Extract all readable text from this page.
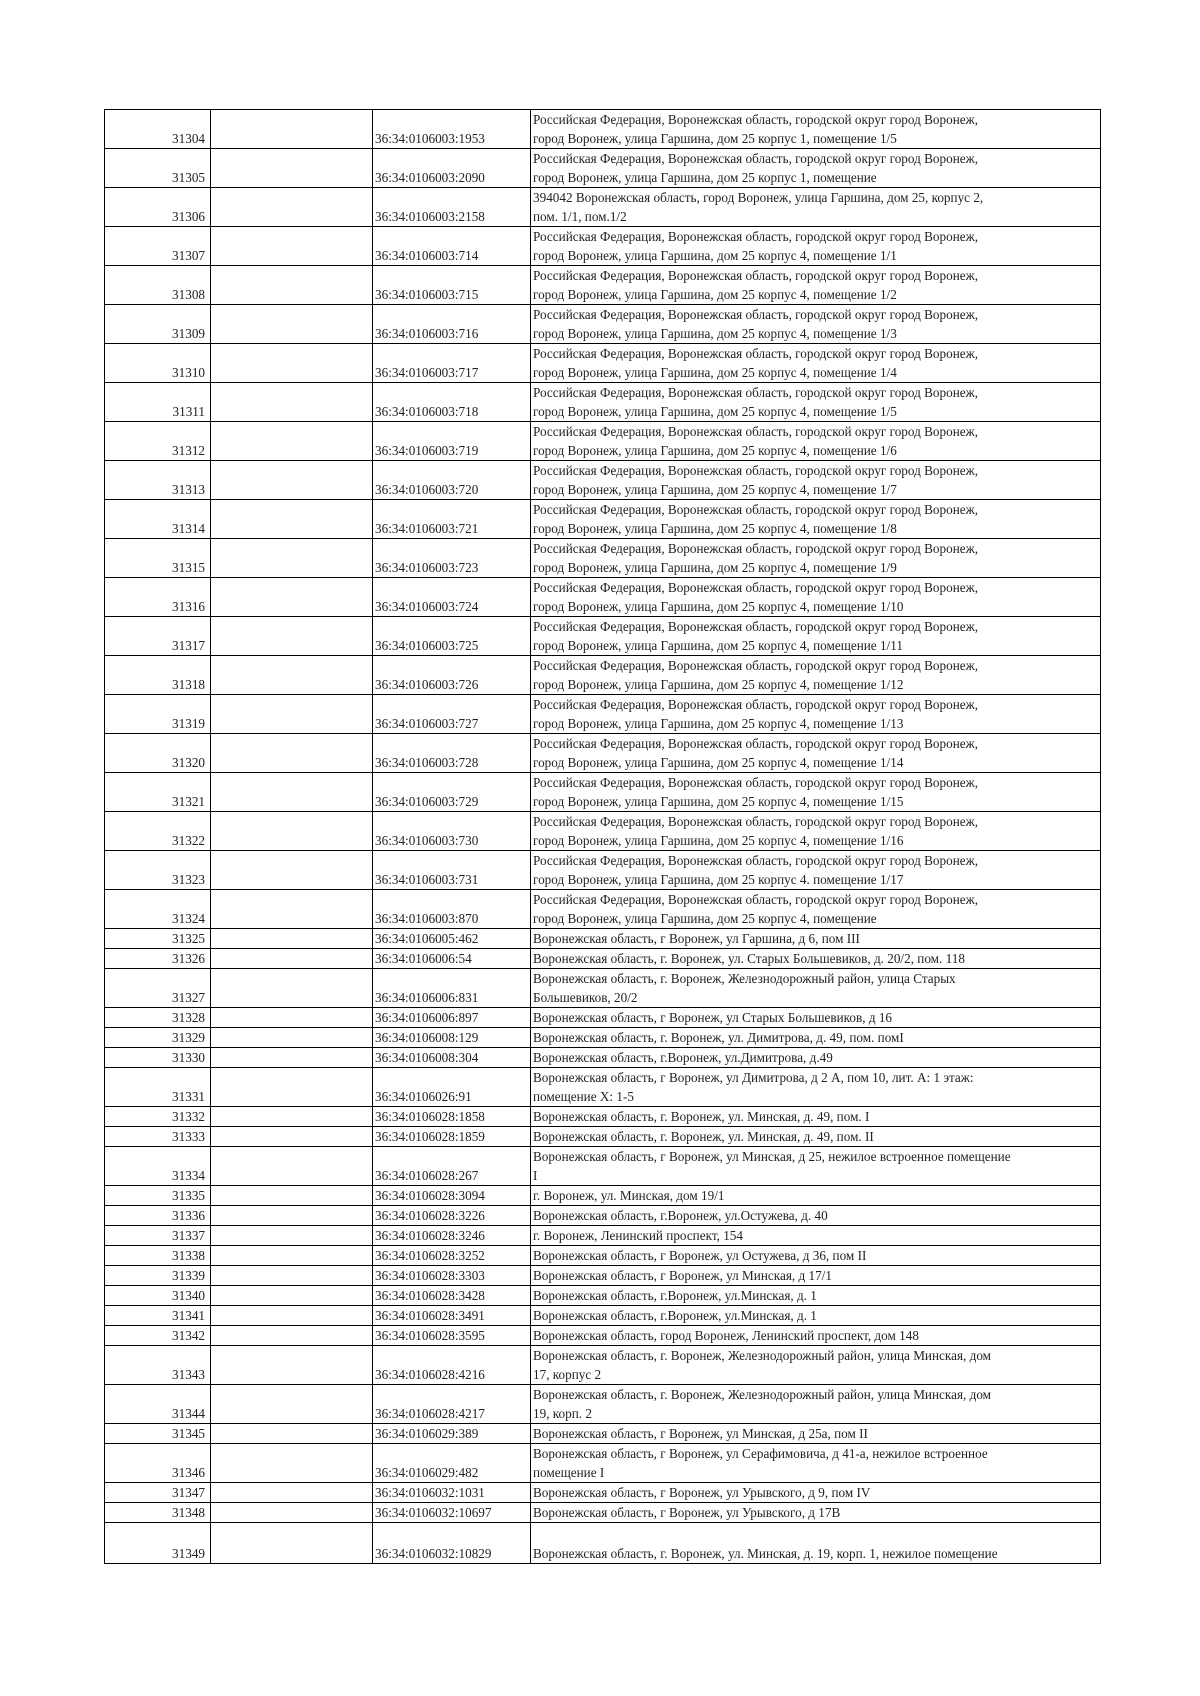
31304		36:34:0106003:1953	Российская Федерация, Воронежская область, городской округ город Воронеж,
город Воронеж, улица Гаршина, дом 25 корпус 1, помещение 1/5

31305		36:34:0106003:2090	Российская Федерация, Воронежская область, городской округ город Воронеж,
город Воронеж, улица Гаршина, дом 25 корпус 1, помещение

31306		36:34:0106003:2158	394042 Воронежская область, город Воронеж, улица Гаршина, дом 25, корпус 2,
пом. 1/1, пом.1/2

31307		36:34:0106003:714	Российская Федерация, Воронежская область, городской округ город Воронеж,
город Воронеж, улица Гаршина, дом 25 корпус 4, помещение 1/1

31308		36:34:0106003:715	Российская Федерация, Воронежская область, городской округ город Воронеж,
город Воронеж, улица Гаршина, дом 25 корпус 4, помещение 1/2

31309		36:34:0106003:716	Российская Федерация, Воронежская область, городской округ город Воронеж,
город Воронеж, улица Гаршина, дом 25 корпус 4, помещение 1/3

31310		36:34:0106003:717	Российская Федерация, Воронежская область, городской округ город Воронеж,
город Воронеж, улица Гаршина, дом 25 корпус 4, помещение 1/4

31311		36:34:0106003:718	Российская Федерация, Воронежская область, городской округ город Воронеж,
город Воронеж, улица Гаршина, дом 25 корпус 4, помещение 1/5

31312		36:34:0106003:719	Российская Федерация, Воронежская область, городской округ город Воронеж,
город Воронеж, улица Гаршина, дом 25 корпус 4, помещение 1/6

31313		36:34:0106003:720	Российская Федерация, Воронежская область, городской округ город Воронеж,
город Воронеж, улица Гаршина, дом 25 корпус 4, помещение 1/7

31314		36:34:0106003:721	Российская Федерация, Воронежская область, городской округ город Воронеж,
город Воронеж, улица Гаршина, дом 25 корпус 4, помещение 1/8

31315		36:34:0106003:723	Российская Федерация, Воронежская область, городской округ город Воронеж,
город Воронеж, улица Гаршина, дом 25 корпус 4, помещение 1/9

31316		36:34:0106003:724	Российская Федерация, Воронежская область, городской округ город Воронеж,
город Воронеж, улица Гаршина, дом 25 корпус 4, помещение 1/10

31317		36:34:0106003:725	Российская Федерация, Воронежская область, городской округ город Воронеж,
город Воронеж, улица Гаршина, дом 25 корпус 4, помещение 1/11

31318		36:34:0106003:726	Российская Федерация, Воронежская область, городской округ город Воронеж,
город Воронеж, улица Гаршина, дом 25 корпус 4, помещение 1/12

31319		36:34:0106003:727	Российская Федерация, Воронежская область, городской округ город Воронеж,
город Воронеж, улица Гаршина, дом 25 корпус 4, помещение 1/13

31320		36:34:0106003:728	Российская Федерация, Воронежская область, городской округ город Воронеж,
город Воронеж, улица Гаршина, дом 25 корпус 4, помещение 1/14

31321		36:34:0106003:729	Российская Федерация, Воронежская область, городской округ город Воронеж,
город Воронеж, улица Гаршина, дом 25 корпус 4, помещение 1/15

31322		36:34:0106003:730	Российская Федерация, Воронежская область, городской округ город Воронеж,
город Воронеж, улица Гаршина, дом 25 корпус 4, помещение 1/16

31323		36:34:0106003:731	Российская Федерация, Воронежская область, городской округ город Воронеж,
город Воронеж, улица Гаршина, дом 25 корпус 4. помещение 1/17

31324		36:34:0106003:870	Российская Федерация, Воронежская область, городской округ город Воронеж,
город Воронеж, улица Гаршина, дом 25 корпус 4, помещение

31325		36:34:0106005:462	Воронежская область, г Воронеж, ул Гаршина, д 6, пом III

31326		36:34:0106006:54	Воронежская область, г. Воронеж, ул. Старых Большевиков, д. 20/2, пом. 118

31327		36:34:0106006:831	Воронежская область, г. Воронеж, Железнодорожный район, улица Старых
Большевиков, 20/2

31328		36:34:0106006:897	Воронежская область, г Воронеж, ул Старых Большевиков, д 16

31329		36:34:0106008:129	Воронежская область, г. Воронеж, ул. Димитрова, д. 49, пом. помI

31330		36:34:0106008:304	Воронежская область, г.Воронеж, ул.Димитрова, д.49

31331		36:34:0106026:91	Воронежская область, г Воронеж, ул Димитрова, д 2 А, пом 10, лит. А: 1 этаж:
помещение X: 1-5

31332		36:34:0106028:1858	Воронежская область, г. Воронеж, ул. Минская, д. 49, пом. I

31333		36:34:0106028:1859	Воронежская область, г. Воронеж, ул. Минская, д. 49, пом. II

31334		36:34:0106028:267	Воронежская область, г Воронеж, ул Минская, д 25, нежилое встроенное помещение
I

31335		36:34:0106028:3094	г. Воронеж, ул. Минская, дом 19/1

31336		36:34:0106028:3226	Воронежская область, г.Воронеж, ул.Остужева, д. 40

31337		36:34:0106028:3246	г. Воронеж, Ленинский проспект, 154

31338		36:34:0106028:3252	Воронежская область, г Воронеж, ул Остужева, д 36, пом II

31339		36:34:0106028:3303	Воронежская область, г Воронеж, ул Минская, д 17/1

31340		36:34:0106028:3428	Воронежская область, г.Воронеж, ул.Минская, д. 1

31341		36:34:0106028:3491	Воронежская область, г.Воронеж, ул.Минская, д. 1

31342		36:34:0106028:3595	Воронежская область, город Воронеж, Ленинский проспект, дом 148

31343		36:34:0106028:4216	Воронежская область, г. Воронеж, Железнодорожный район, улица Минская, дом
17, корпус 2

31344		36:34:0106028:4217	Воронежская область, г. Воронеж, Железнодорожный район, улица Минская, дом
19, корп. 2

31345		36:34:0106029:389	Воронежская область, г Воронеж, ул Минская, д 25а, пом II

31346		36:34:0106029:482	Воронежская область, г Воронеж, ул Серафимовича, д 41-а, нежилое встроенное
помещение I

31347		36:34:0106032:1031	Воронежская область, г Воронеж, ул Урывского, д 9, пом IV

31348		36:34:0106032:10697	Воронежская область, г Воронеж, ул Урывского, д 17В

31349		36:34:0106032:10829	Воронежская область, г. Воронеж, ул. Минская, д. 19, корп. 1, нежилое помещение
